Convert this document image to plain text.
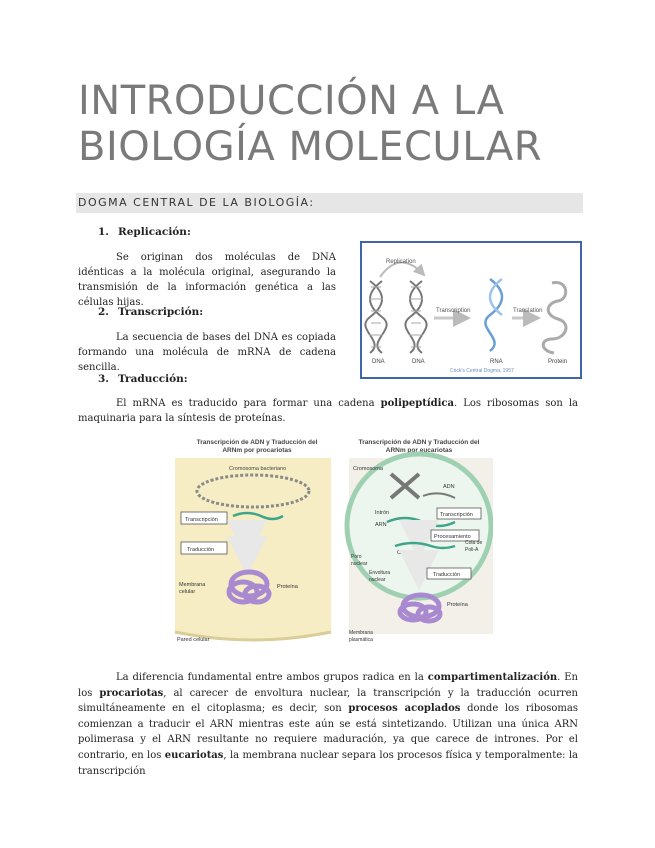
INTRODUCCIÓN A LA
BIOLOGÍA MOLECULAR
DOGMA CENTRAL DE LA BIOLOGÍA:
1. Replicación:

Se originan dos moléculas de DNA idénticas a la molécula original, asegurando la transmisión de la información genética a las células hijas.

2. Transcripción:

La secuencia de bases del DNA es copiada formando una molécula de mRNA de cadena sencilla.

3. Traducción:

El mRNA es traducido para formar una cadena polipeptídica. Los ribosomas son la maquinaria para la síntesis de proteínas.

Replication
Transcription	Translation
DNA	DNA	RNA	Protein
Crick's Central Dogma, 1957
Transcripción de ADN y Traducción del
ARNm por procariotas
Cromosoma bacteriano
Transcripción
Traducción
Proteína
Membrana
celular
Pared celular
Transcripción de ADN y Traducción del
ARNm por eucariotas
Cromosoma
ADN
Intrón
ARN
Transcripción
Procesamiento
Cap
Cola de
Poli-A
Poro
nuclear
Envoltura
nuclear
Traducción
Proteína
Membrana
plasmática

La diferencia fundamental entre ambos grupos radica en la compartimentalización. En los procariotas, al carecer de envoltura nuclear, la transcripción y la traducción ocurren simultáneamente en el citoplasma; es decir, son procesos acoplados donde los ribosomas comienzan a traducir el ARN mientras este aún se está sintetizando. Utilizan una única ARN polimerasa y el ARN resultante no requiere maduración, ya que carece de intrones. Por el contrario, en los eucariotas, la membrana nuclear separa los procesos física y temporalmente: la transcripción
